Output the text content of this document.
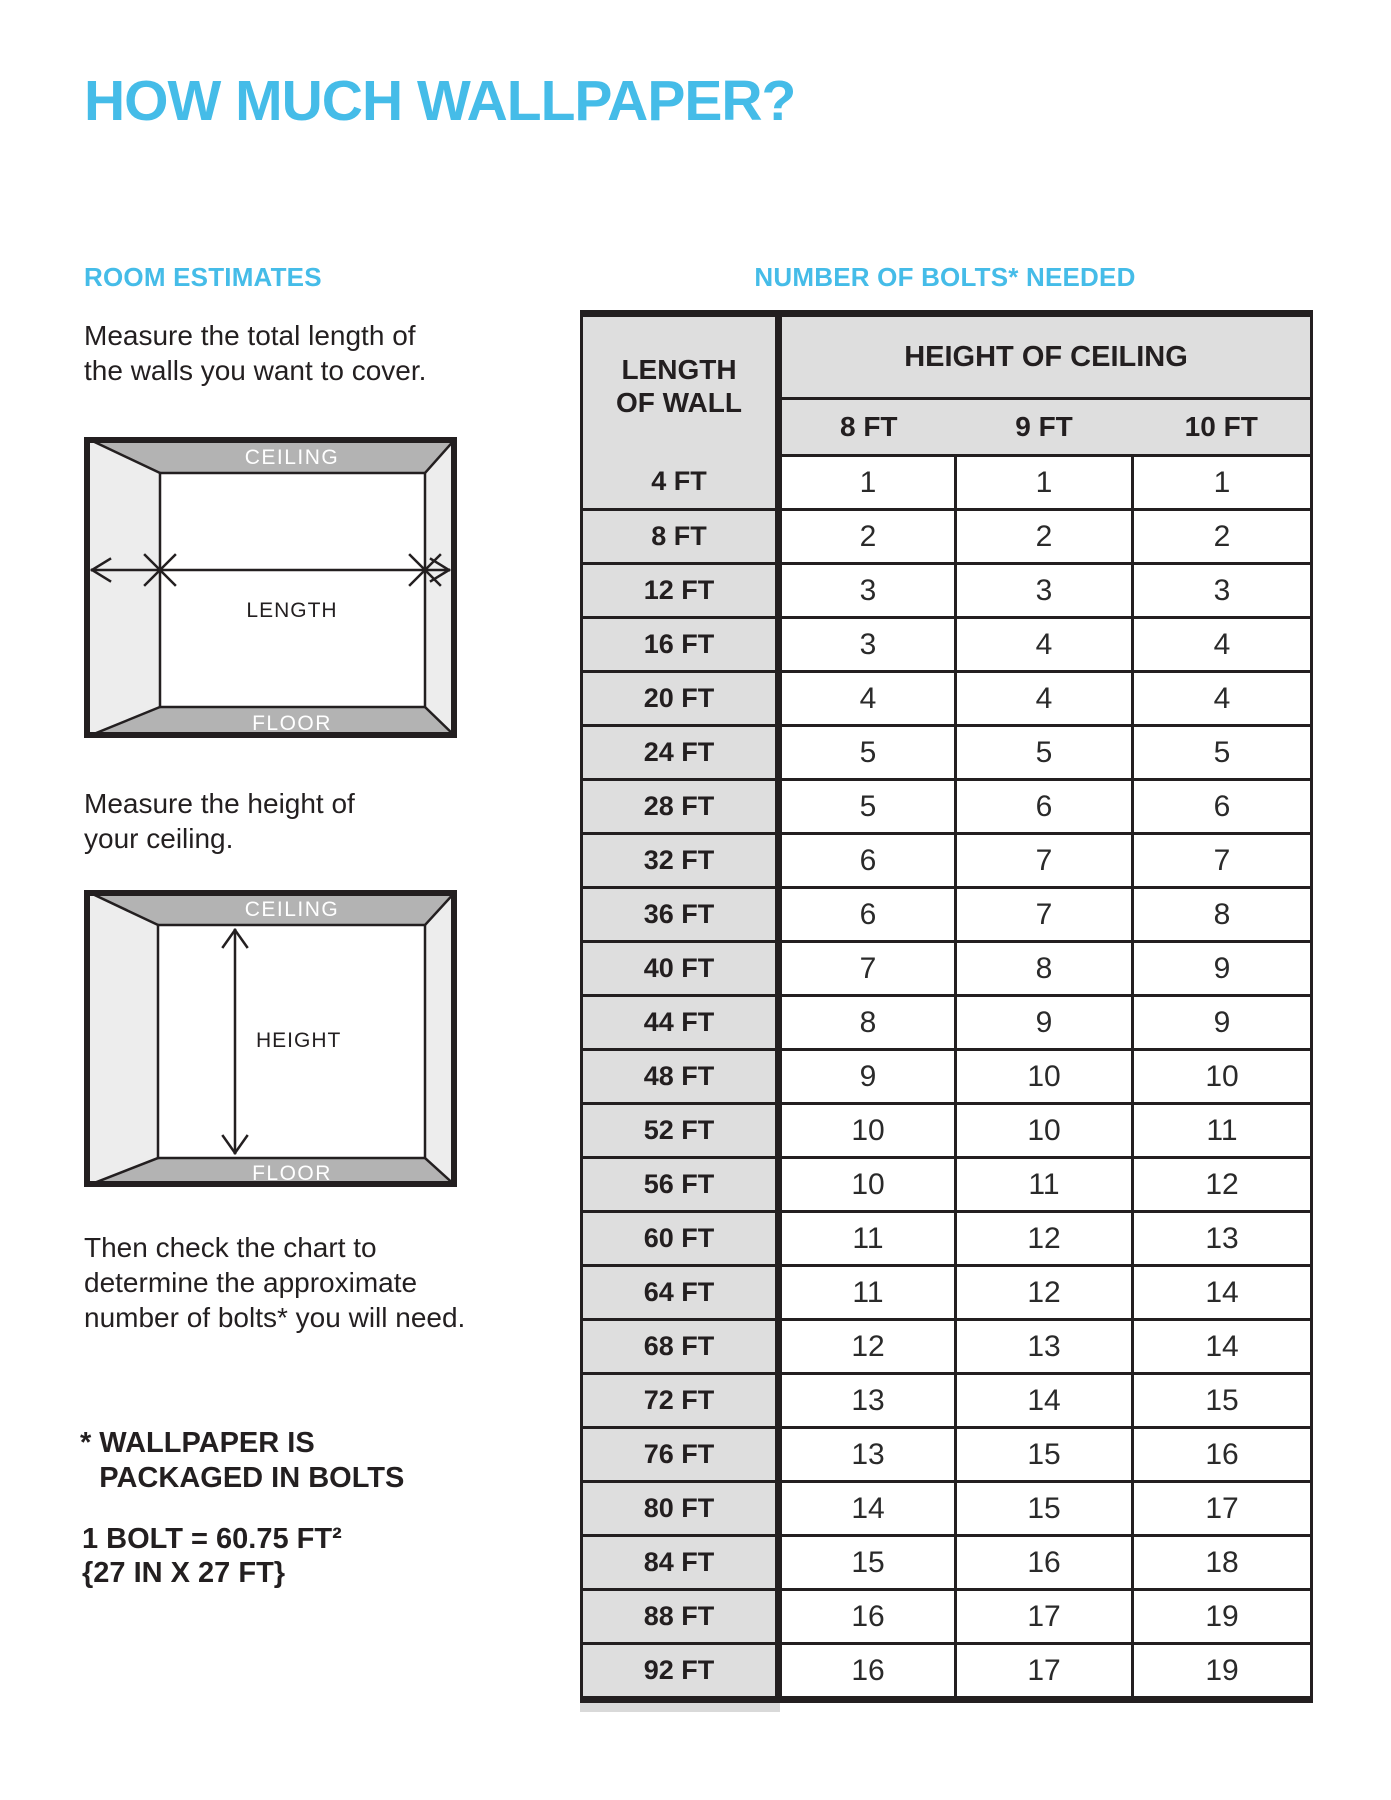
HOW MUCH WALLPAPER?
ROOM ESTIMATES

Measure the total length of
the walls you want to cover.

CEILING
FLOOR
LENGTH

Measure the height of
your ceiling.

CEILING
FLOOR
HEIGHT

Then check the chart to
determine the approximate
number of bolts* you will need.

* WALLPAPER IS
PACKAGED IN BOLTS
1 BOLT = 60.75 FT²
{27 IN X 27 FT}
NUMBER OF BOLTS* NEEDED
LENGTH
OF WALL	HEIGHT OF CEILING		
	8 FT	9 FT	10 FT
4 FT	1	1	1
8 FT	2	2	2
12 FT	3	3	3
16 FT	3	4	4
20 FT	4	4	4
24 FT	5	5	5
28 FT	5	6	6
32 FT	6	7	7
36 FT	6	7	8
40 FT	7	8	9
44 FT	8	9	9
48 FT	9	10	10
52 FT	10	10	11
56 FT	10	11	12
60 FT	11	12	13
64 FT	11	12	14
68 FT	12	13	14
72 FT	13	14	15
76 FT	13	15	16
80 FT	14	15	17
84 FT	15	16	18
88 FT	16	17	19
92 FT	16	17	19
